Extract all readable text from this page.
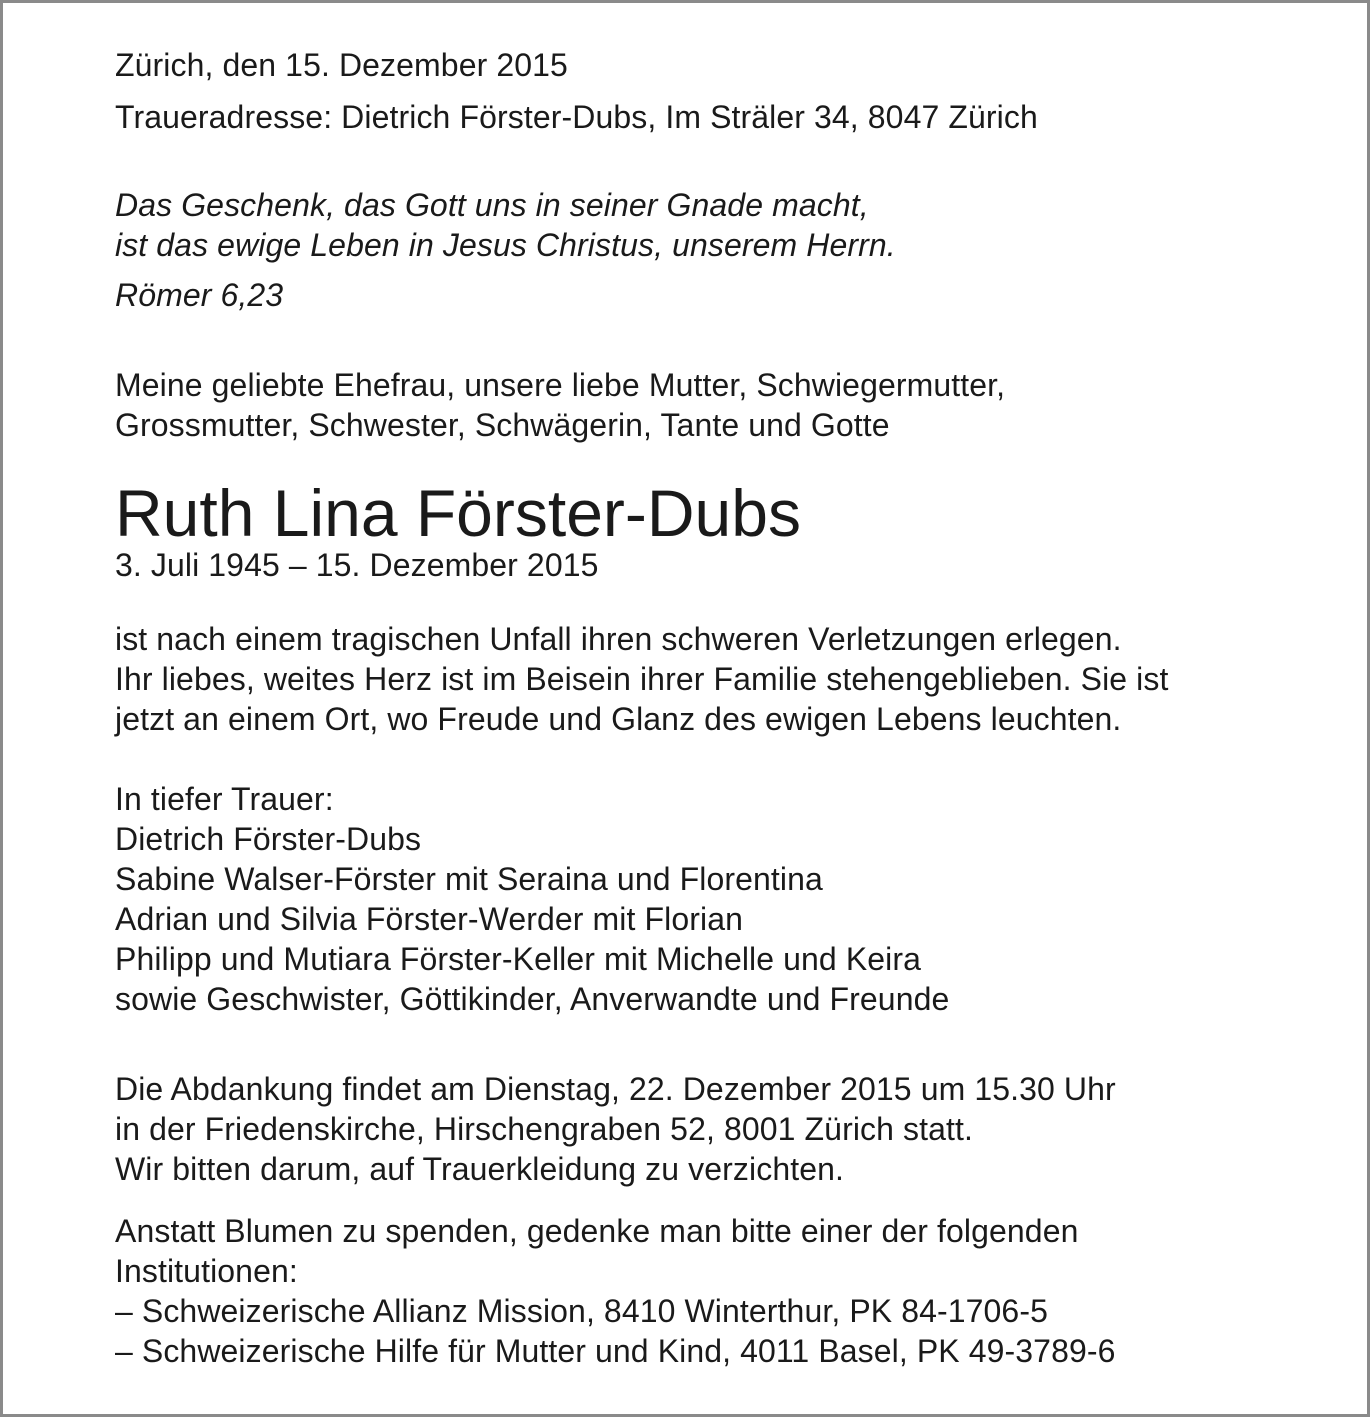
Zürich, den 15. Dezember 2015
Traueradresse: Dietrich Förster-Dubs, Im Sträler 34, 8047 Zürich
Das Geschenk, das Gott uns in seiner Gnade macht,
ist das ewige Leben in Jesus Christus, unserem Herrn.
Römer 6,23
Meine geliebte Ehefrau, unsere liebe Mutter, Schwiegermutter,
Grossmutter, Schwester, Schwägerin, Tante und Gotte
Ruth Lina Förster-Dubs
3. Juli 1945 – 15. Dezember 2015
ist nach einem tragischen Unfall ihren schweren Verletzungen erlegen.
Ihr liebes, weites Herz ist im Beisein ihrer Familie stehengeblieben. Sie ist
jetzt an einem Ort, wo Freude und Glanz des ewigen Lebens leuchten.
In tiefer Trauer:
Dietrich Förster-Dubs
Sabine Walser-Förster mit Seraina und Florentina
Adrian und Silvia Förster-Werder mit Florian
Philipp und Mutiara Förster-Keller mit Michelle und Keira
sowie Geschwister, Göttikinder, Anverwandte und Freunde
Die Abdankung findet am Dienstag, 22. Dezember 2015 um 15.30 Uhr
in der Friedenskirche, Hirschengraben 52, 8001 Zürich statt.
Wir bitten darum, auf Trauerkleidung zu verzichten.
Anstatt Blumen zu spenden, gedenke man bitte einer der folgenden
Institutionen:
– Schweizerische Allianz Mission, 8410 Winterthur, PK 84-1706-5
– Schweizerische Hilfe für Mutter und Kind, 4011 Basel, PK 49-3789-6
